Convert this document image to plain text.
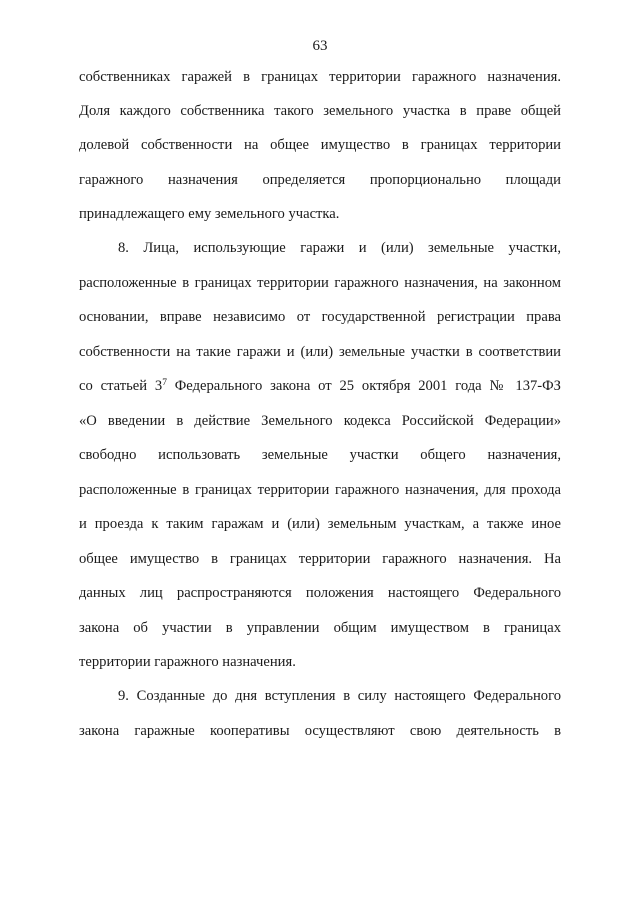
63
собственниках гаражей в границах территории гаражного назначения.
Доля каждого собственника такого земельного участка в праве общей
долевой собственности на общее имущество в границах территории
гаражного назначения определяется пропорционально площади
принадлежащего ему земельного участка.
8. Лица, использующие гаражи и (или) земельные участки,
расположенные в границах территории гаражного назначения, на законном
основании, вправе независимо от государственной регистрации права
собственности на такие гаражи и (или) земельные участки в соответствии
со статьей $3^7$ Федерального закона от 25 октября 2001 года № 137-ФЗ
«О введении в действие Земельного кодекса Российской Федерации»
свободно использовать земельные участки общего назначения,
расположенные в границах территории гаражного назначения, для прохода
и проезда к таким гаражам и (или) земельным участкам, а также иное
общее имущество в границах территории гаражного назначения. На
данных лиц распространяются положения настоящего Федерального
закона об участии в управлении общим имуществом в границах
территории гаражного назначения.
9. Созданные до дня вступления в силу настоящего Федерального
закона гаражные кооперативы осуществляют свою деятельность в
